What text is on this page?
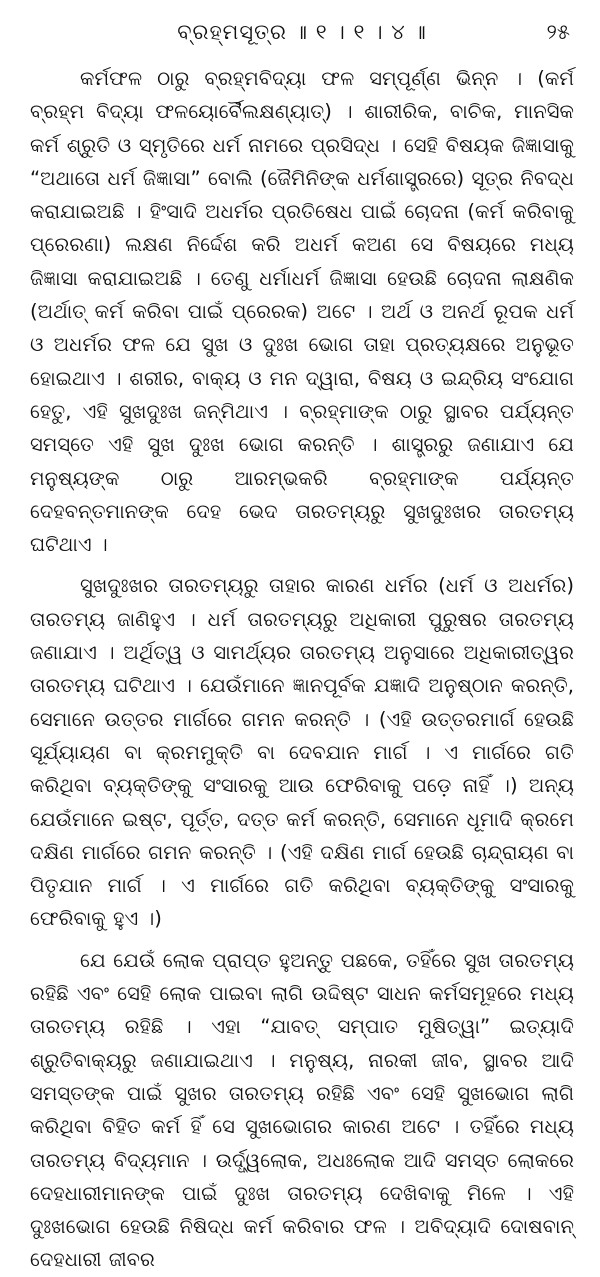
ବ୍ରହ୍ମସୂତ୍ର ॥ ୧ । ୧ । ୪ ॥	୨୫

କର୍ମଫଳ ଠାରୁ ବ୍ରହ୍ମବିଦ୍ୟା ଫଳ ସମ୍ପୂର୍ଣ୍ଣ ଭିନ୍ନ । (କର୍ମ ବ୍ରହ୍ମ ବିଦ୍ୟା ଫଳୟୋର୍ବୈଲକ୍ଷଣ୍ୟାତ୍) । ଶାରୀରିକ, ବାଚିକ, ମାନସିକ କର୍ମ ଶ୍ରୁତି ଓ ସ୍ମୃତିରେ ଧର୍ମ ନାମରେ ପ୍ରସିଦ୍ଧ । ସେହି ବିଷୟକ ଜିଜ୍ଞାସାକୁ “ଅଥାତୋ ଧର୍ମ ଜିଜ୍ଞାସା” ବୋଲି (ଜୈମିନିଙ୍କ ଧର୍ମଶାସ୍ତ୍ରରେ) ସୂତ୍ର ନିବଦ୍ଧ କରାଯାଇଅଛି । ହିଂସାଦି ଅଧର୍ମର ପ୍ରତିଷେଧ ପାଇଁ ଚୋଦନା (କର୍ମ କରିବାକୁ ପ୍ରେରଣା) ଲକ୍ଷଣ ନିର୍ଦ୍ଦେଶ କରି ଅଧର୍ମ କଅଣ ସେ ବିଷୟରେ ମଧ୍ୟ ଜିଜ୍ଞାସା କରାଯାଇଅଛି । ତେଣୁ ଧର୍ମାଧର୍ମ ଜିଜ୍ଞାସା ହେଉଛି ଚୋଦନା ଲାକ୍ଷଣିକ (ଅର୍ଥାତ୍ କର୍ମ କରିବା ପାଇଁ ପ୍ରେରକ) ଅଟେ । ଅର୍ଥ ଓ ଅନର୍ଥ ରୂପକ ଧର୍ମ ଓ ଅଧର୍ମର ଫଳ ଯେ ସୁଖ ଓ ଦୁଃଖ ଭୋଗ ତାହା ପ୍ରତ୍ୟକ୍ଷରେ ଅନୁଭୂତ ହୋଇଥାଏ । ଶରୀର, ବାକ୍ୟ ଓ ମନ ଦ୍ୱାରା, ବିଷୟ ଓ ଇନ୍ଦ୍ରିୟ ସଂଯୋଗ ହେତୁ, ଏହି ସୁଖଦୁଃଖ ଜନ୍ମିଥାଏ । ବ୍ରହ୍ମାଙ୍କ ଠାରୁ ସ୍ଥାବର ପର୍ଯ୍ୟନ୍ତ ସମସ୍ତେ ଏହି ସୁଖ ଦୁଃଖ ଭୋଗ କରନ୍ତି । ଶାସ୍ତ୍ରରୁ ଜଣାଯାଏ ଯେ ମନୁଷ୍ୟଙ୍କ ଠାରୁ ଆରମ୍ଭକରି ବ୍ରହ୍ମାଙ୍କ ପର୍ଯ୍ୟନ୍ତ ଦେହବନ୍ତମାନଙ୍କ ଦେହ ଭେଦ ତାରତମ୍ୟରୁ ସୁଖଦୁଃଖର ତାରତମ୍ୟ ଘଟିଥାଏ ।

ସୁଖଦୁଃଖର ତାରତମ୍ୟରୁ ତାହାର କାରଣ ଧର୍ମର (ଧର୍ମ ଓ ଅଧର୍ମର) ତାରତମ୍ୟ ଜାଣିହୁଏ । ଧର୍ମ ତାରତମ୍ୟରୁ ଅଧିକାରୀ ପୁରୁଷର ତାରତମ୍ୟ ଜଣାଯାଏ । ଅର୍ଥିତ୍ୱ ଓ ସାମର୍ଥ୍ୟର ତାରତମ୍ୟ ଅନୁସାରେ ଅଧିକାରୀତ୍ୱର ତାରତମ୍ୟ ଘଟିଥାଏ । ଯେଉଁମାନେ ଜ୍ଞାନପୂର୍ବକ ଯଜ୍ଞାଦି ଅନୁଷ୍ଠାନ କରନ୍ତି, ସେମାନେ ଉତ୍ତର ମାର୍ଗରେ ଗମନ କରନ୍ତି । (ଏହି ଉତ୍ତରମାର୍ଗ ହେଉଛି ସୂର୍ଯ୍ୟାୟଣ ବା କ୍ରମମୁକ୍ତି ବା ଦେବଯାନ ମାର୍ଗ । ଏ ମାର୍ଗରେ ଗତି କରିଥିବା ବ୍ୟକ୍ତିଙ୍କୁ ସଂସାରକୁ ଆଉ ଫେରିବାକୁ ପଡ଼େ ନାହିଁ ।) ଅନ୍ୟ ଯେଉଁମାନେ ଇଷ୍ଟ, ପୂର୍ତ୍ତ, ଦତ୍ତ କର୍ମ କରନ୍ତି, ସେମାନେ ଧୂମାଦି କ୍ରମେ ଦକ୍ଷିଣ ମାର୍ଗରେ ଗମନ କରନ୍ତି । (ଏହି ଦକ୍ଷିଣ ମାର୍ଗ ହେଉଛି ଚାନ୍ଦ୍ରାୟଣ ବା ପିତୃଯାନ ମାର୍ଗ । ଏ ମାର୍ଗରେ ଗତି କରିଥିବା ବ୍ୟକ୍ତିଙ୍କୁ ସଂସାରକୁ ଫେରିବାକୁ ହୁଏ ।)

ଯେ ଯେଉଁ ଲୋକ ପ୍ରାପ୍ତ ହୁଅନ୍ତୁ ପଛକେ, ତହିଁରେ ସୁଖ ତାରତମ୍ୟ ରହିଛି ଏବଂ ସେହି ଲୋକ ପାଇବା ଲାଗି ଉଦ୍ଦିଷ୍ଟ ସାଧନ କର୍ମସମୂହରେ ମଧ୍ୟ ତାରତମ୍ୟ ରହିଛି । ଏହା “ଯାବତ୍ ସମ୍ପାତ ମୁଷିତ୍ୱା” ଇତ୍ୟାଦି ଶ୍ରୁତିବାକ୍ୟରୁ ଜଣାଯାଇଥାଏ । ମନୁଷ୍ୟ, ନାରକୀ ଜୀବ, ସ୍ଥାବର ଆଦି ସମସ୍ତଙ୍କ ପାଇଁ ସୁଖର ତାରତମ୍ୟ ରହିଛି ଏବଂ ସେହି ସୁଖଭୋଗ ଲାଗି କରିଥିବା ବିହିତ କର୍ମ ହିଁ ସେ ସୁଖଭୋଗର କାରଣ ଅଟେ । ତହିଁରେ ମଧ୍ୟ ତାରତମ୍ୟ ବିଦ୍ୟମାନ । ଉର୍ଦ୍ଧ୍ୱଲୋକ, ଅଧଃଲୋକ ଆଦି ସମସ୍ତ ଲୋକରେ ଦେହଧାରୀମାନଙ୍କ ପାଇଁ ଦୁଃଖ ତାରତମ୍ୟ ଦେଖିବାକୁ ମିଳେ । ଏହି ଦୁଃଖଭୋଗ ହେଉଛି ନିଷିଦ୍ଧ କର୍ମ କରିବାର ଫଳ । ଅବିଦ୍ୟାଦି ଦୋଷବାନ୍ ଦେହଧାରୀ ଜୀବର
